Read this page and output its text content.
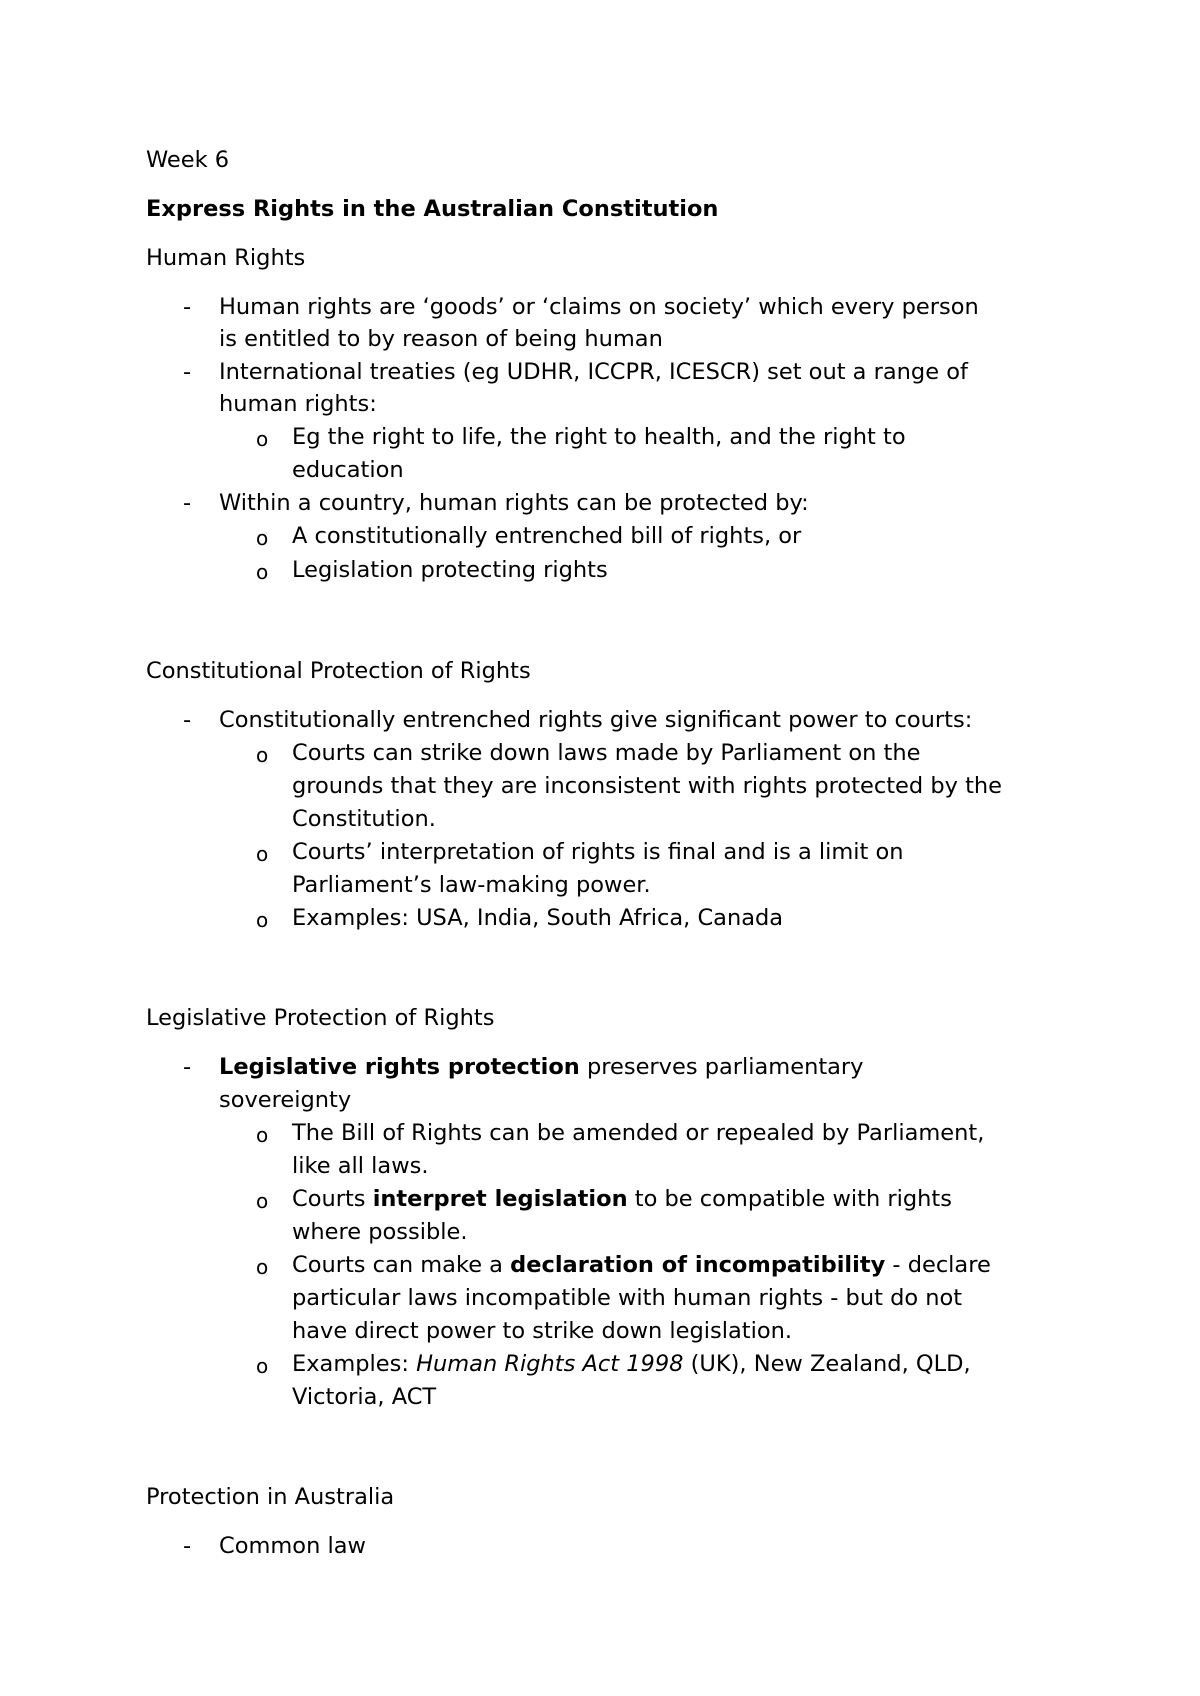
Week 6
Express Rights in the Australian Constitution
Human Rights
- Human rights are ‘goods’ or ‘claims on society’ which every person
is entitled to by reason of being human
- International treaties (eg UDHR, ICCPR, ICESCR) set out a range of
human rights:
o Eg the right to life, the right to health, and the right to
education
- Within a country, human rights can be protected by:
o A constitutionally entrenched bill of rights, or
o Legislation protecting rights
Constitutional Protection of Rights
- Constitutionally entrenched rights give significant power to courts:
o Courts can strike down laws made by Parliament on the
grounds that they are inconsistent with rights protected by the
Constitution.
o Courts’ interpretation of rights is final and is a limit on
Parliament’s law-making power.
o Examples: USA, India, South Africa, Canada
Legislative Protection of Rights
- Legislative rights protection preserves parliamentary
sovereignty
o The Bill of Rights can be amended or repealed by Parliament,
like all laws.
o Courts interpret legislation to be compatible with rights
where possible.
o Courts can make a declaration of incompatibility - declare
particular laws incompatible with human rights - but do not
have direct power to strike down legislation.
o Examples: Human Rights Act 1998 (UK), New Zealand, QLD,
Victoria, ACT
Protection in Australia
- Common law
